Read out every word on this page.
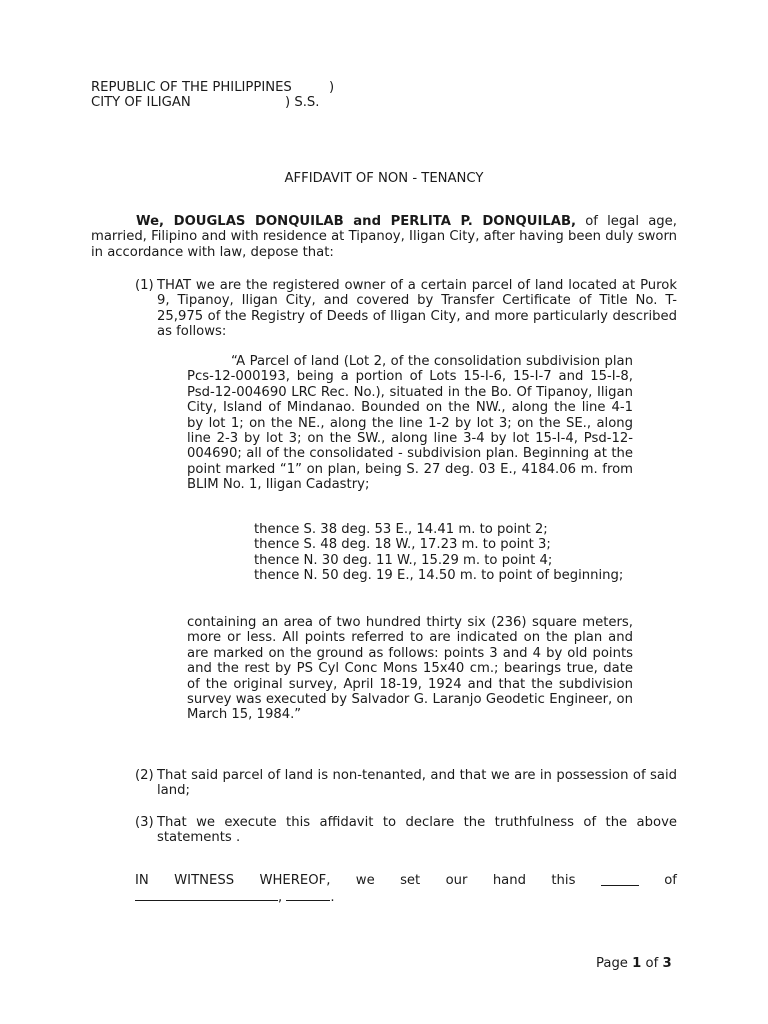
REPUBLIC OF THE PHILIPPINES	)
CITY OF ILIGAN	) S.S.
AFFIDAVIT OF NON - TENANCY
We, DOUGLAS DONQUILAB and PERLITA P. DONQUILAB, of legal age, married, Filipino and with residence at Tipanoy, Iligan City, after having been duly sworn in accordance with law, depose that:
(1) THAT we are the registered owner of a certain parcel of land located at Purok 9, Tipanoy, Iligan City, and covered by Transfer Certificate of Title No. T-25,975 of the Registry of Deeds of Iligan City, and more particularly described as follows:
“A Parcel of land (Lot 2, of the consolidation subdivision plan Pcs-12-000193, being a portion of Lots 15-I-6, 15-I-7 and 15-I-8, Psd-12-004690 LRC Rec. No.), situated in the Bo. Of Tipanoy, Iligan City, Island of Mindanao. Bounded on the NW., along the line 4-1 by lot 1; on the NE., along the line 1-2 by lot 3; on the SE., along line 2-3 by lot 3; on the SW., along line 3-4 by lot 15-I-4, Psd-12-004690; all of the consolidated - subdivision plan. Beginning at the point marked “1” on plan, being S. 27 deg. 03 E., 4184.06 m. from BLIM No. 1, Iligan Cadastry;
thence S. 38 deg. 53 E., 14.41 m. to point 2;
thence S. 48 deg. 18 W., 17.23 m. to point 3;
thence N. 30 deg. 11 W., 15.29 m. to point 4;
thence N. 50 deg. 19 E., 14.50 m. to point of beginning;
containing an area of two hundred thirty six (236) square meters, more or less. All points referred to are indicated on the plan and are marked on the ground as follows: points 3 and 4 by old points and the rest by PS Cyl Conc Mons 15x40 cm.; bearings true, date of the original survey, April 18-19, 1924 and that the subdivision survey was executed by Salvador G. Laranjo Geodetic Engineer, on March 15, 1984.”
(2) That said parcel of land is non-tenanted, and that we are in possession of said land;
(3) That we execute this affidavit to declare the truthfulness of the above statements .
IN WITNESS WHEREOF, we set our hand this	of
,	.
Page 1 of 3
